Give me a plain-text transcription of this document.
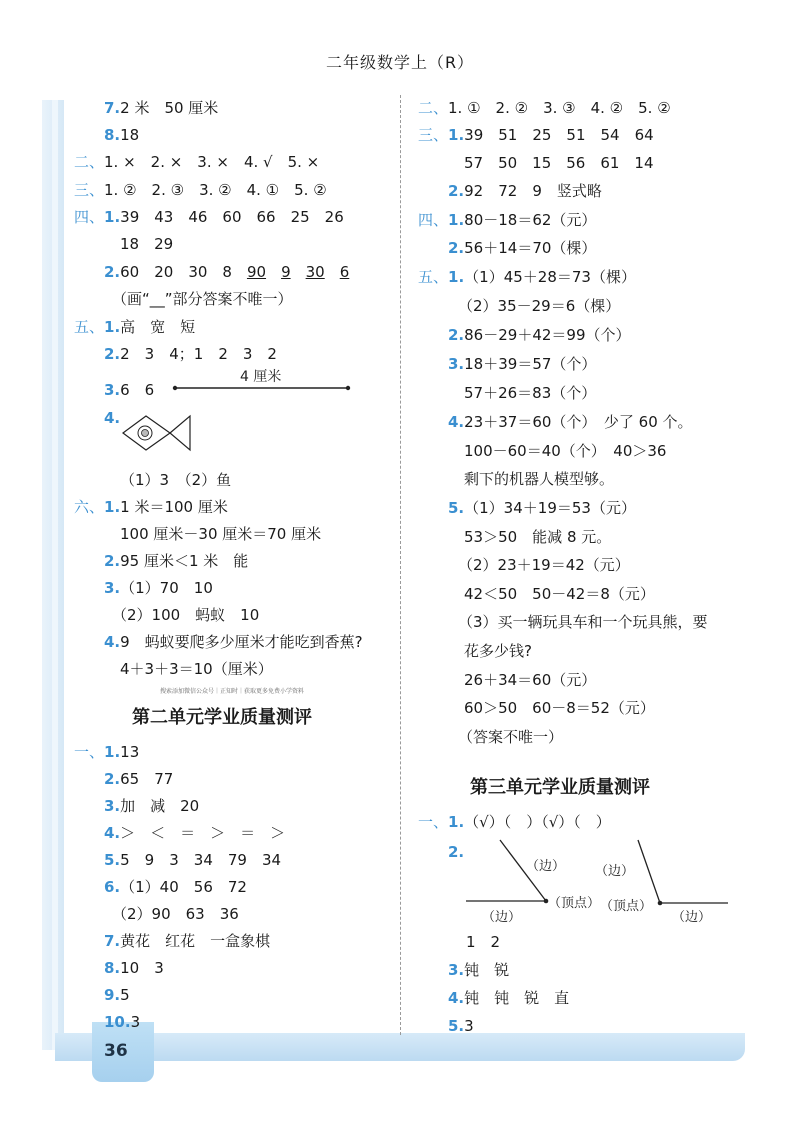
36
二年级数学上（R）
7.2 米　50 厘米
8.18
二、1. ×　2. ×　3. ×　4. √　5. ×
三、1. ②　2. ③　3. ②　4. ①　5. ②
四、1.39　43　46　60　66　25　26
18　29
2.60　20　30　8　90　 9　 30　 6
（画“__”部分答案不唯一）
五、1.高　宽　短
2.2　3　4；1　2　3　2
3.6　6
4 厘米
4.
（1）3　（2）鱼
六、1.1 米＝100 厘米
100 厘米－30 厘米＝70 厘米
2.95 厘米＜1 米　能
3.（1）70　10
（2）100　蚂蚁　10
4.9　蚂蚁要爬多少厘米才能吃到香蕉?
4＋3＋3＝10（厘米）
搜索添加微信公众号｜正知时｜获取更多免费小学资料
第二单元学业质量测评
一、1.13
2.65　77
3.加　减　20
4.＞　＜　＝　＞　＝　＞
5.5　9　3　34　79　34
6.（1）40　56　72
（2）90　63　36
7.黄花　红花　一盒象棋
8.10　3
9.5
10.3
二、1. ①　2. ②　3. ③　4. ②　5. ②
三、1.39　51　25　51　54　64
57　50　15　56　61　14
2.92　72　9　竖式略
四、1.80－18＝62（元）
2.56＋14＝70（棵）
五、1.（1）45＋28＝73（棵）
（2）35－29＝6（棵）
2.86－29＋42＝99（个）
3.18＋39＝57（个）
57＋26＝83（个）
4.23＋37＝60（个）　少了 60 个。
100－60＝40（个）　40＞36
剩下的机器人模型够。
5.（1）34＋19＝53（元）
53＞50　能减 8 元。
（2）23＋19＝42（元）
42＜50　50－42＝8（元）
（3）买一辆玩具车和一个玩具熊，要
花多少钱?
26＋34＝60（元）
60＞50　60－8＝52（元）
（答案不唯一）
第三单元学业质量测评
一、1.（√）（　）（√）（　）
2.
（边）
（顶点）
（边）
（边）
（顶点）
（边）
1　2
3.钝　锐
4.钝　钝　锐　直
5.3
